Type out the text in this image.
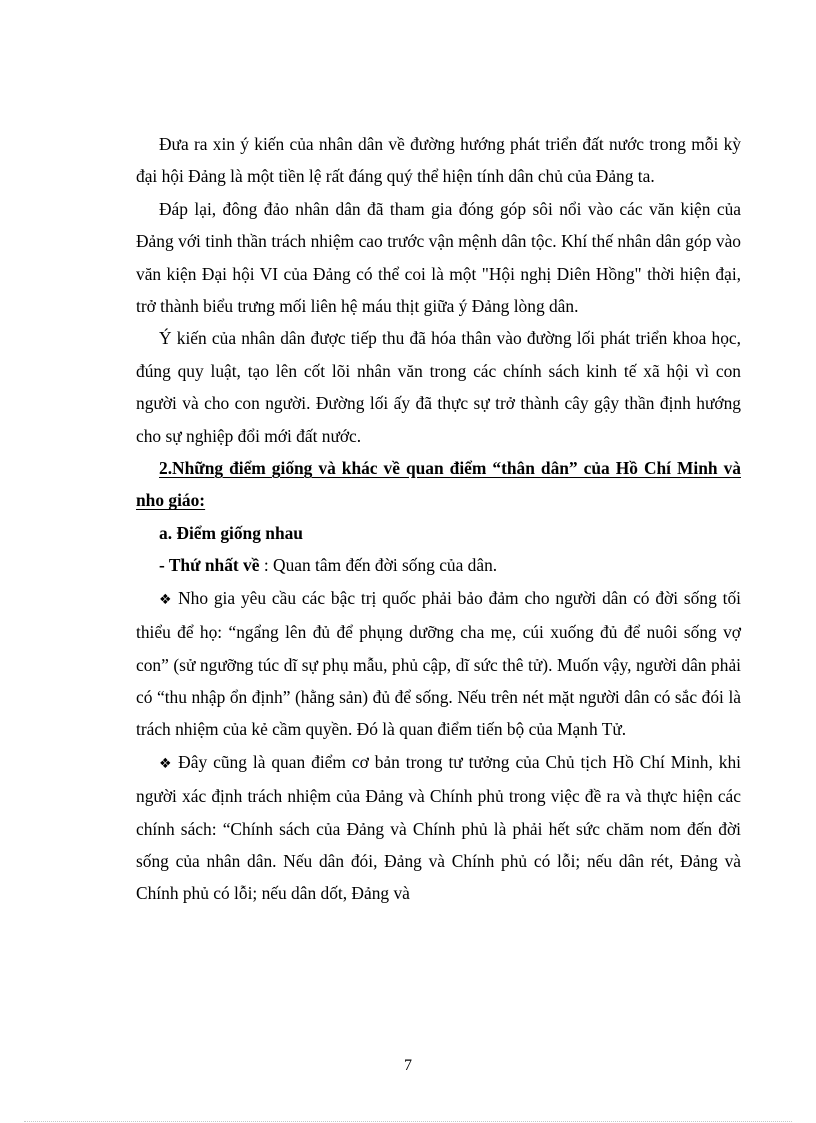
Đưa ra xin ý kiến của nhân dân về đường hướng phát triển đất nước trong mỗi kỳ đại hội Đảng là một tiền lệ rất đáng quý thể hiện tính dân chủ của Đảng ta.

Đáp lại, đông đảo nhân dân đã tham gia đóng góp sôi nổi vào các văn kiện của Đảng với tinh thần trách nhiệm cao trước vận mệnh dân tộc. Khí thế nhân dân góp vào văn kiện Đại hội VI của Đảng có thể coi là một "Hội nghị Diên Hồng" thời hiện đại, trở thành biểu trưng mối liên hệ máu thịt giữa ý Đảng lòng dân.

Ý kiến của nhân dân được tiếp thu đã hóa thân vào đường lối phát triển khoa học, đúng quy luật, tạo lên cốt lõi nhân văn trong các chính sách kinh tế xã hội vì con người và cho con người. Đường lối ấy đã thực sự trở thành cây gậy thần định hướng cho sự nghiệp đổi mới đất nước.

2.Những điểm giống và khác về quan điểm “thân dân” của Hồ Chí Minh và nho giáo:

a. Điểm giống nhau

- Thứ nhất về : Quan tâm đến đời sống của dân.

❖ Nho gia yêu cầu các bậc trị quốc phải bảo đảm cho người dân có đời sống tối thiểu để họ: “ngẩng lên đủ để phụng dưỡng cha mẹ, cúi xuống đủ để nuôi sống vợ con” (sử ngưỡng túc dĩ sự phụ mẫu, phủ cập, dĩ sức thê tử). Muốn vậy, người dân phải có “thu nhập ổn định” (hằng sản) đủ để sống. Nếu trên nét mặt người dân có sắc đói là trách nhiệm của kẻ cầm quyền. Đó là quan điểm tiến bộ của Mạnh Tử.

❖ Đây cũng là quan điểm cơ bản trong tư tưởng của Chủ tịch Hồ Chí Minh, khi người xác định trách nhiệm của Đảng và Chính phủ trong việc đề ra và thực hiện các chính sách: “Chính sách của Đảng và Chính phủ là phải hết sức chăm nom đến đời sống của nhân dân. Nếu dân đói, Đảng và Chính phủ có lỗi; nếu dân rét, Đảng và Chính phủ có lỗi; nếu dân dốt, Đảng và

7
